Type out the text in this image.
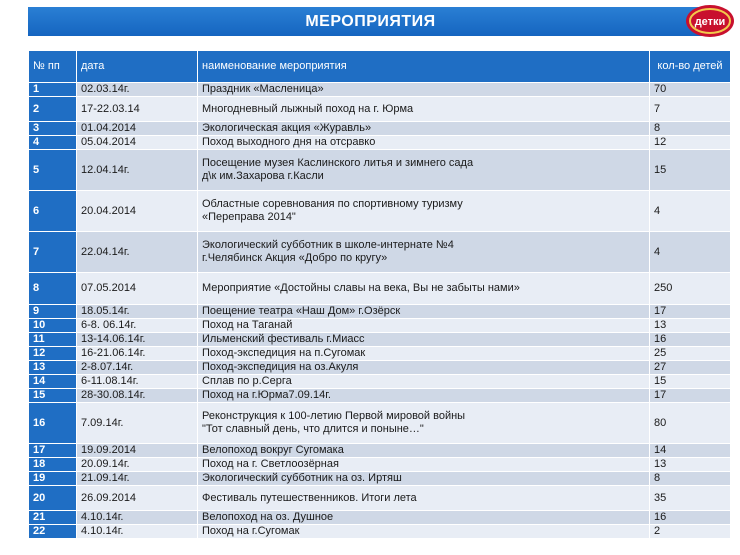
МЕРОПРИЯТИЯ	детки
№ пп	дата	наименование мероприятия	кол-во детей
1	02.03.14г.	Праздник «Масленица»	70
2	17-22.03.14	Многодневный лыжный поход на г. Юрма	7
3	01.04.2014	Экологическая акция «Журавль»	8
4	05.04.2014	Поход выходного дня на отсравко	12
5	12.04.14г.	Посещение музея Каслинского литья и зимнего сада
д\к им.Захарова г.Касли	15
6	20.04.2014	Областные соревнования по спортивному туризму
«Переправа 2014"	4
7	22.04.14г.	Экологический субботник в школе-интернате №4
г.Челябинск Акция «Добро по кругу»	4
8	07.05.2014	Мероприятие «Достойны славы на века, Вы не забыты нами»	250
9	18.05.14г.	Поещение театра «Наш Дом» г.Озёрск	17
10	6-8. 06.14г.	Поход на Таганай	13
11	13-14.06.14г.	Ильменский фестиваль г.Миасс	16
12	16-21.06.14г.	Поход-экспедиция на п.Сугомак	25
13	2-8.07.14г.	Поход-экспедиция на оз.Акуля	27
14	6-11.08.14г.	Сплав по р.Серга	15
15	28-30.08.14г.	Поход на г.Юрма7.09.14г.	17
16	7.09.14г.	Реконструкция к 100-летию Первой мировой войны
"Тот славный день, что длится и поныне…"	80
17	19.09.2014	Велопоход вокруг Сугомака	14
18	20.09.14г.	Поход на г. Светлоозёрная	13
19	21.09.14г.	Экологический субботник на оз. Иртяш	8
20	26.09.2014	Фестиваль путешественников. Итоги лета	35
21	4.10.14г.	Велопоход на оз. Душное	16
22	4.10.14г.	Поход на г.Сугомак	2
